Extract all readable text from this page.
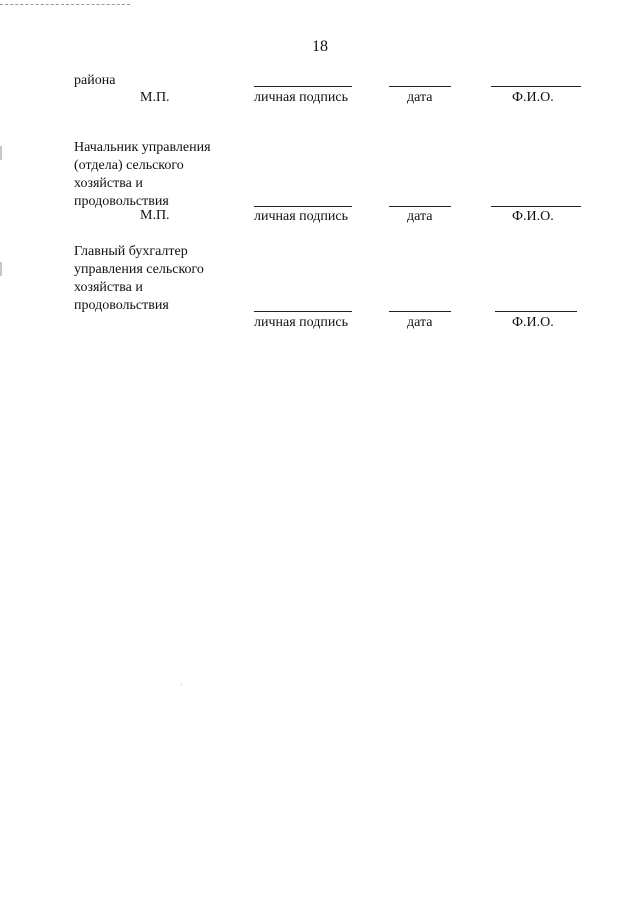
18
района
М.П.	личная подпись	дата	Ф.И.О.
Начальник управления
(отдела) сельского
хозяйства и
продовольствия
М.П.	личная подпись	дата	Ф.И.О.
Главный бухгалтер
управления сельского
хозяйства и
продовольствия
личная подпись	дата	Ф.И.О.
